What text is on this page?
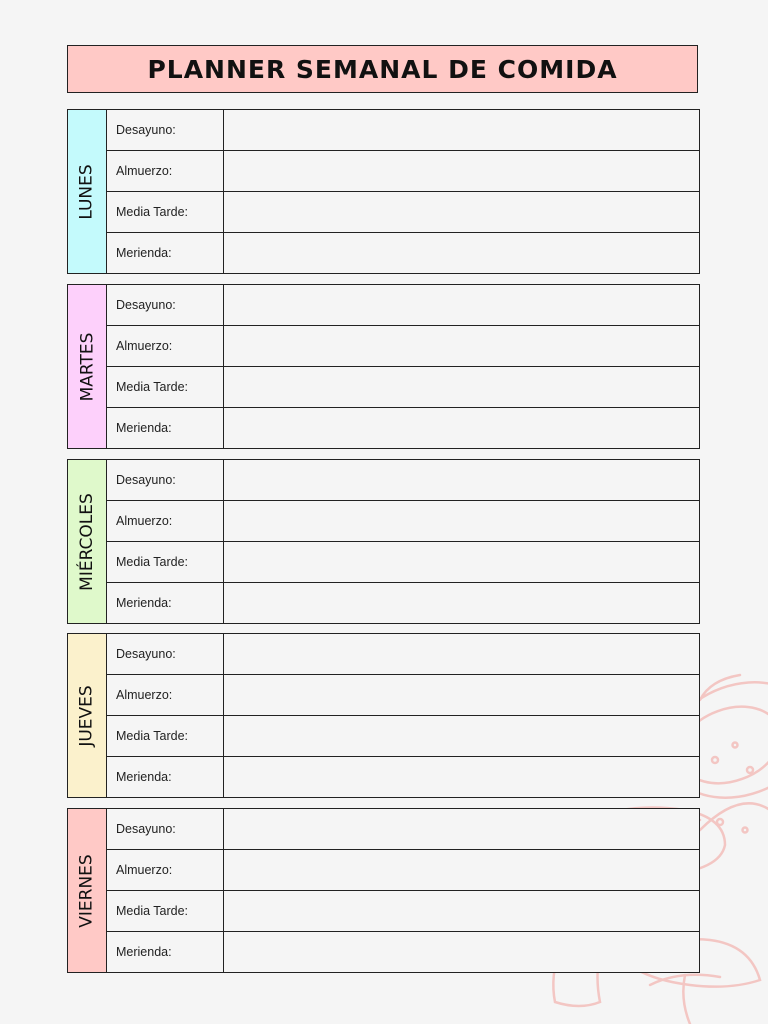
PLANNER SEMANAL DE COMIDA
LUNES
Desayuno:
Almuerzo:
Media Tarde:
Merienda:
MARTES
Desayuno:
Almuerzo:
Media Tarde:
Merienda:
MIÉRCOLES
Desayuno:
Almuerzo:
Media Tarde:
Merienda:
JUEVES
Desayuno:
Almuerzo:
Media Tarde:
Merienda:
VIERNES
Desayuno:
Almuerzo:
Media Tarde:
Merienda:
